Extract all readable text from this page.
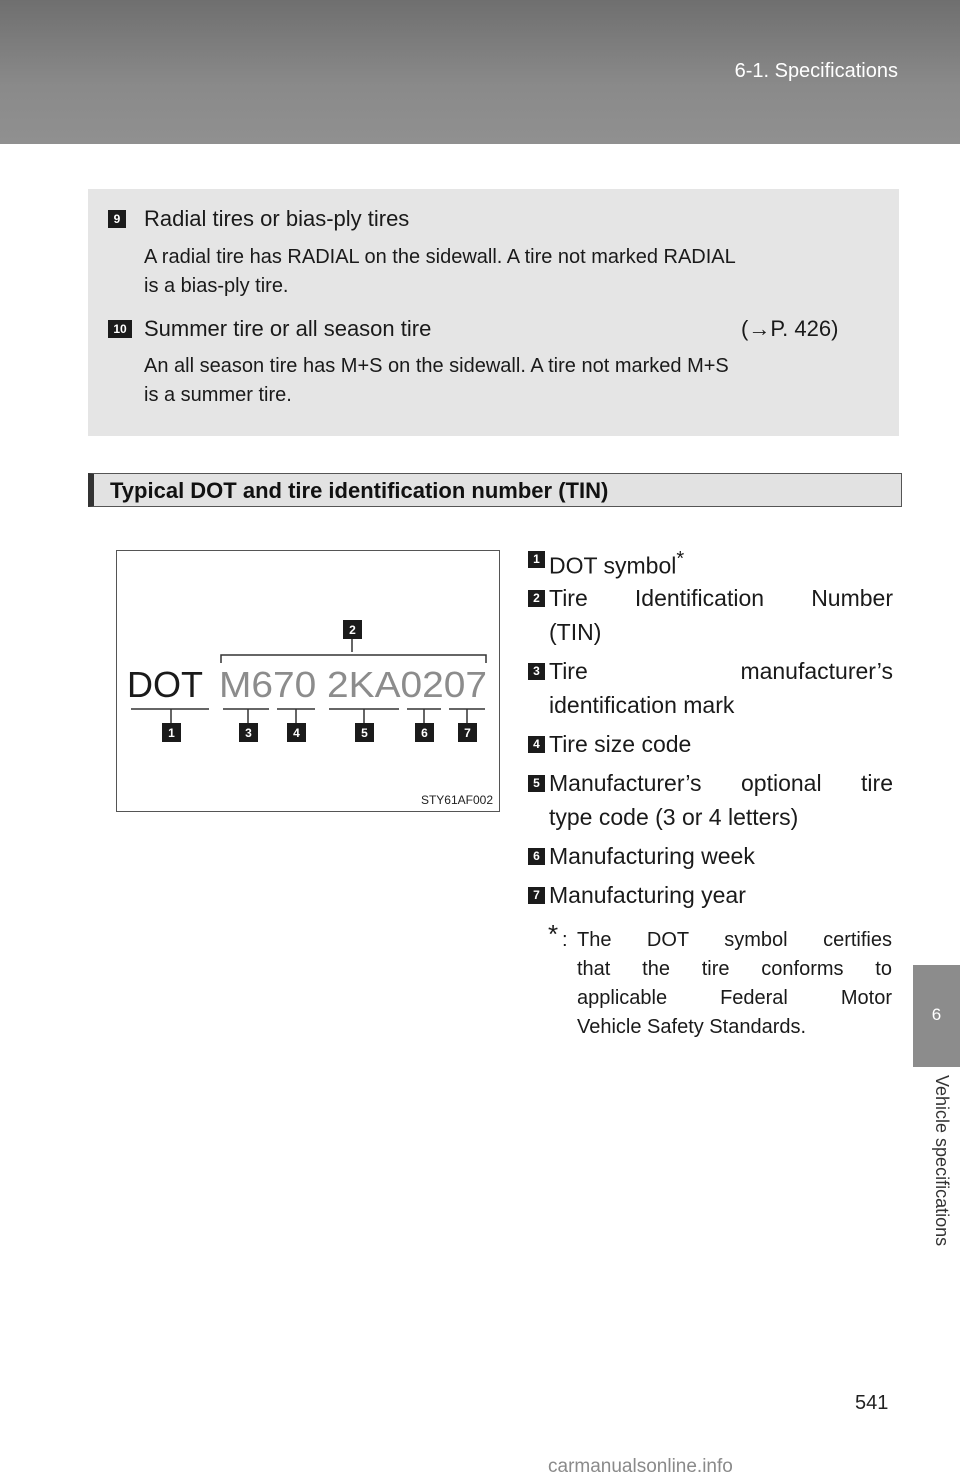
6-1. Specifications
6
Vehicle specifications
9 Radial tires or bias-ply tires
A radial tire has RADIAL on the sidewall. A tire not marked RADIAL
is a bias-ply tire.
10 Summer tire or all season tire	(→P. 426)
An all season tire has M+S on the sidewall. A tire not marked M+S
is a summer tire.
Typical DOT and tire identification number (TIN)
2
DOT M670 2KA0207
1	3	4	5	6	7
STY61AF002
1 DOT symbol*
2 Tire Identification Number
(TIN)
3 Tire manufacturer’s
identification mark
4 Tire size code
5 Manufacturer’s optional tire
type code (3 or 4 letters)
6 Manufacturing week
7 Manufacturing year
* : The DOT symbol certifies
that the tire conforms to
applicable Federal Motor
Vehicle Safety Standards.
541
carmanualsonline.info
